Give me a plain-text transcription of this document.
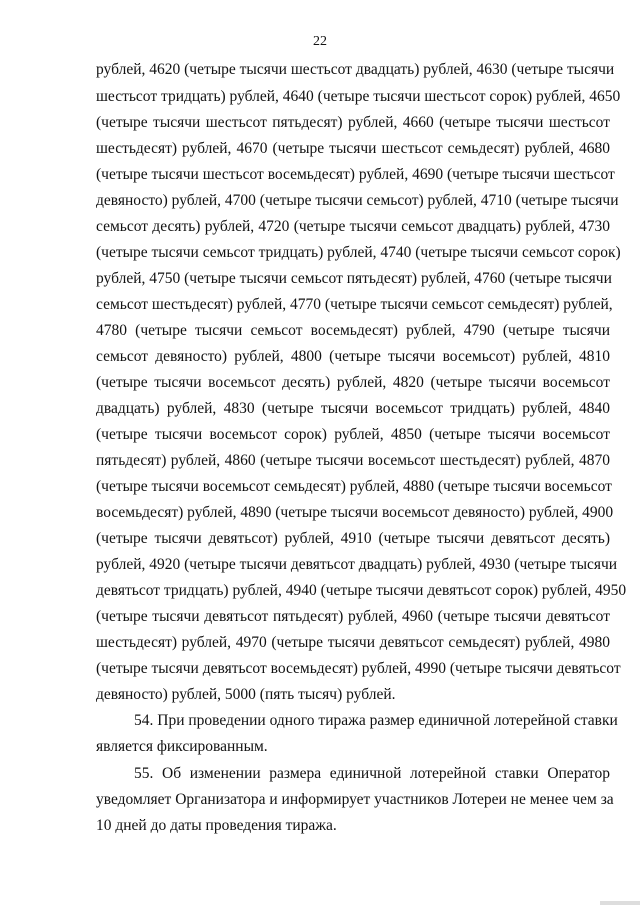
22
рублей, 4620 (четыре тысячи шестьсот двадцать) рублей, 4630 (четыре тысячи
шестьсот тридцать) рублей, 4640 (четыре тысячи шестьсот сорок) рублей, 4650
(четыре тысячи шестьсот пятьдесят) рублей, 4660 (четыре тысячи шестьсот
шестьдесят) рублей, 4670 (четыре тысячи шестьсот семьдесят) рублей, 4680
(четыре тысячи шестьсот восемьдесят) рублей, 4690 (четыре тысячи шестьсот
девяносто) рублей, 4700 (четыре тысячи семьсот) рублей, 4710 (четыре тысячи
семьсот десять) рублей, 4720 (четыре тысячи семьсот двадцать) рублей, 4730
(четыре тысячи семьсот тридцать) рублей, 4740 (четыре тысячи семьсот сорок)
рублей, 4750 (четыре тысячи семьсот пятьдесят) рублей, 4760 (четыре тысячи
семьсот шестьдесят) рублей, 4770 (четыре тысячи семьсот семьдесят) рублей,
4780 (четыре тысячи семьсот восемьдесят) рублей, 4790 (четыре тысячи
семьсот девяносто) рублей, 4800 (четыре тысячи восемьсот) рублей, 4810
(четыре тысячи восемьсот десять) рублей, 4820 (четыре тысячи восемьсот
двадцать) рублей, 4830 (четыре тысячи восемьсот тридцать) рублей, 4840
(четыре тысячи восемьсот сорок) рублей, 4850 (четыре тысячи восемьсот
пятьдесят) рублей, 4860 (четыре тысячи восемьсот шестьдесят) рублей, 4870
(четыре тысячи восемьсот семьдесят) рублей, 4880 (четыре тысячи восемьсот
восемьдесят) рублей, 4890 (четыре тысячи восемьсот девяносто) рублей, 4900
(четыре тысячи девятьсот) рублей, 4910 (четыре тысячи девятьсот десять)
рублей, 4920 (четыре тысячи девятьсот двадцать) рублей, 4930 (четыре тысячи
девятьсот тридцать) рублей, 4940 (четыре тысячи девятьсот сорок) рублей, 4950
(четыре тысячи девятьсот пятьдесят) рублей, 4960 (четыре тысячи девятьсот
шестьдесят) рублей, 4970 (четыре тысячи девятьсот семьдесят) рублей, 4980
(четыре тысячи девятьсот восемьдесят) рублей, 4990 (четыре тысячи девятьсот
девяносто) рублей, 5000 (пять тысяч) рублей.
54. При проведении одного тиража размер единичной лотерейной ставки
является фиксированным.
55. Об изменении размера единичной лотерейной ставки Оператор
уведомляет Организатора и информирует участников Лотереи не менее чем за
10 дней до даты проведения тиража.
